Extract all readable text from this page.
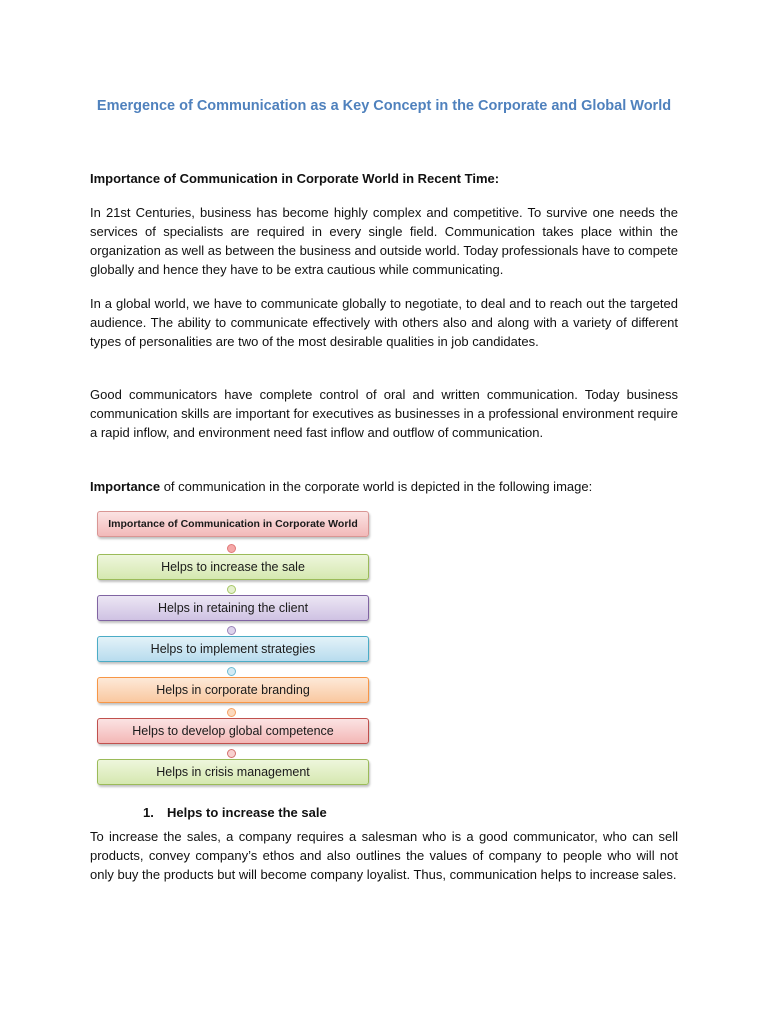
Emergence of Communication as a Key Concept in the Corporate and Global World
Importance of Communication in Corporate World in Recent Time:

In 21st Centuries, business has become highly complex and competitive. To survive one needs the services of specialists are required in every single field. Communication takes place within the organization as well as between the business and outside world. Today professionals have to compete globally and hence they have to be extra cautious while communicating.

In a global world, we have to communicate globally to negotiate, to deal and to reach out the targeted audience. The ability to communicate effectively with others also and along with a variety of different types of personalities are two of the most desirable qualities in job candidates.

Good communicators have complete control of oral and written communication. Today business communication skills are important for executives as businesses in a professional environment require a rapid inflow, and environment need fast inflow and outflow of communication.

Importance of communication in the corporate world is depicted in the following image:

Importance of Communication in Corporate World
Helps to increase the sale
Helps in retaining the client
Helps to implement strategies
Helps in corporate branding
Helps to develop global competence
Helps in crisis management
1. Helps to increase the sale

To increase the sales, a company requires a salesman who is a good communicator, who can sell products, convey company’s ethos and also outlines the values of company to people who will not only buy the products but will become company loyalist. Thus, communication helps to increase sales.
